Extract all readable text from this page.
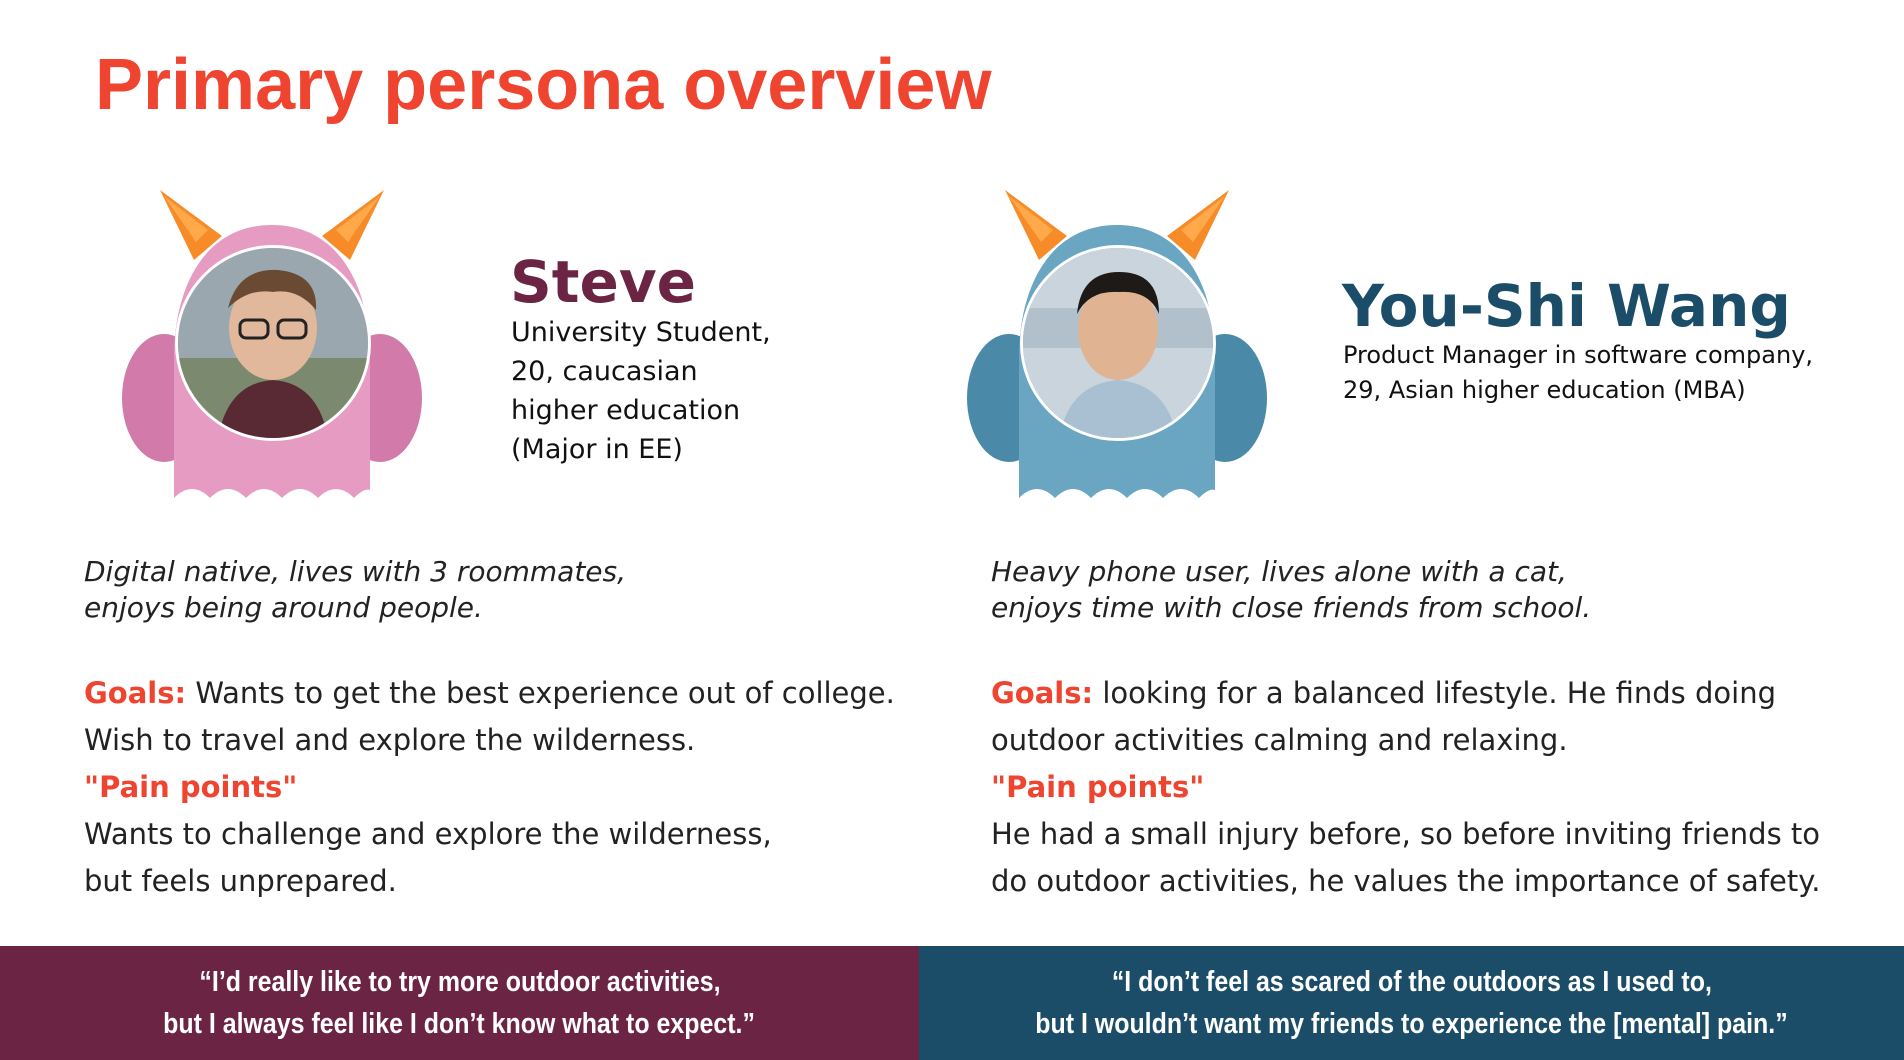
Primary persona overview
Steve

University Student,
20, caucasian
higher education
(Major in EE)

Digital native, lives with 3 roommates,
enjoys being around people.

Goals: Wants to get the best experience out of college.
Wish to travel and explore the wilderness.
"Pain points"
Wants to challenge and explore the wilderness,
but feels unprepared.
“I’d really like to try more outdoor activities,
but I always feel like I don’t know what to expect.”
You-Shi Wang

Product Manager in software company,
29, Asian higher education (MBA)

Heavy phone user, lives alone with a cat,
enjoys time with close friends from school.

Goals: looking for a balanced lifestyle. He finds doing
outdoor activities calming and relaxing.
"Pain points"
He had a small injury before, so before inviting friends to
do outdoor activities, he values the importance of safety.
“I don’t feel as scared of the outdoors as I used to,
but I wouldn’t want my friends to experience the [mental] pain.”
